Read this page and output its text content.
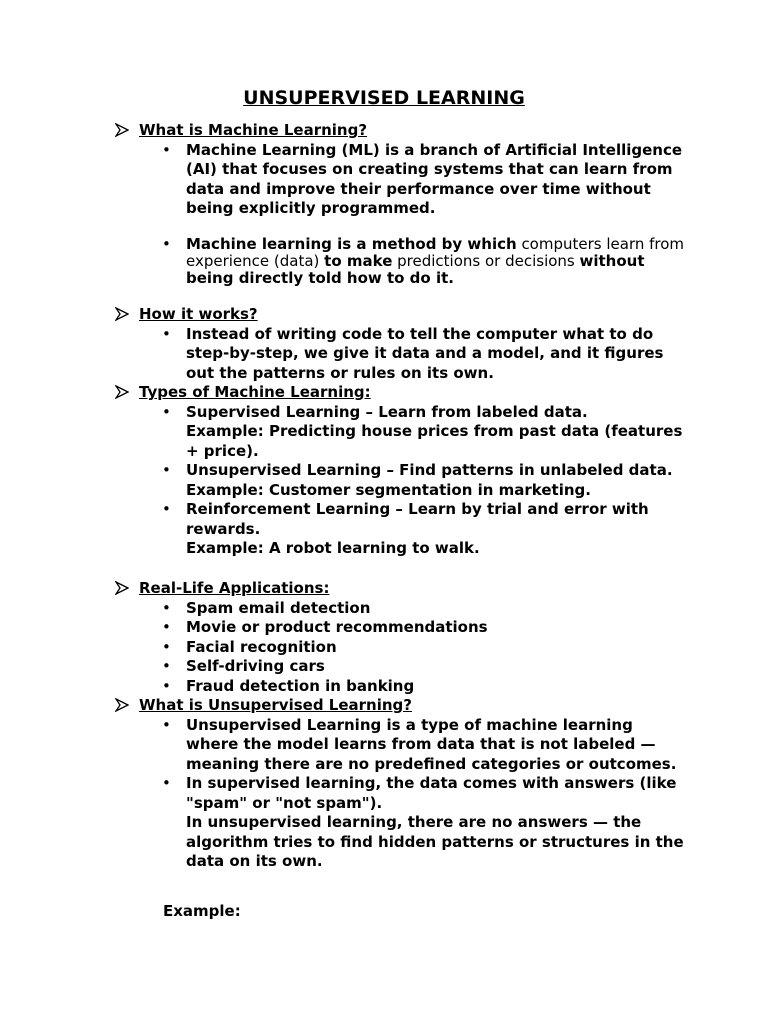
UNSUPERVISED LEARNING
What is Machine Learning?
• Machine Learning (ML) is a branch of Artificial Intelligence (AI) that focuses on creating systems that can learn from data and improve their performance over time without being explicitly programmed.
• Machine learning is a method by which computers learn from experience (data) to make predictions or decisions without being directly told how to do it.
How it works?
• Instead of writing code to tell the computer what to do step-by-step, we give it data and a model, and it figures out the patterns or rules on its own.
Types of Machine Learning:
• Supervised Learning – Learn from labeled data.
Example: Predicting house prices from past data (features + price).
• Unsupervised Learning – Find patterns in unlabeled data.
Example: Customer segmentation in marketing.
• Reinforcement Learning – Learn by trial and error with rewards.
Example: A robot learning to walk.
Real-Life Applications:
• Spam email detection
• Movie or product recommendations
• Facial recognition
• Self-driving cars
• Fraud detection in banking
What is Unsupervised Learning?
• Unsupervised Learning is a type of machine learning where the model learns from data that is not labeled — meaning there are no predefined categories or outcomes.
• In supervised learning, the data comes with answers (like "spam" or "not spam").
In unsupervised learning, there are no answers — the algorithm tries to find hidden patterns or structures in the data on its own.
Example:
